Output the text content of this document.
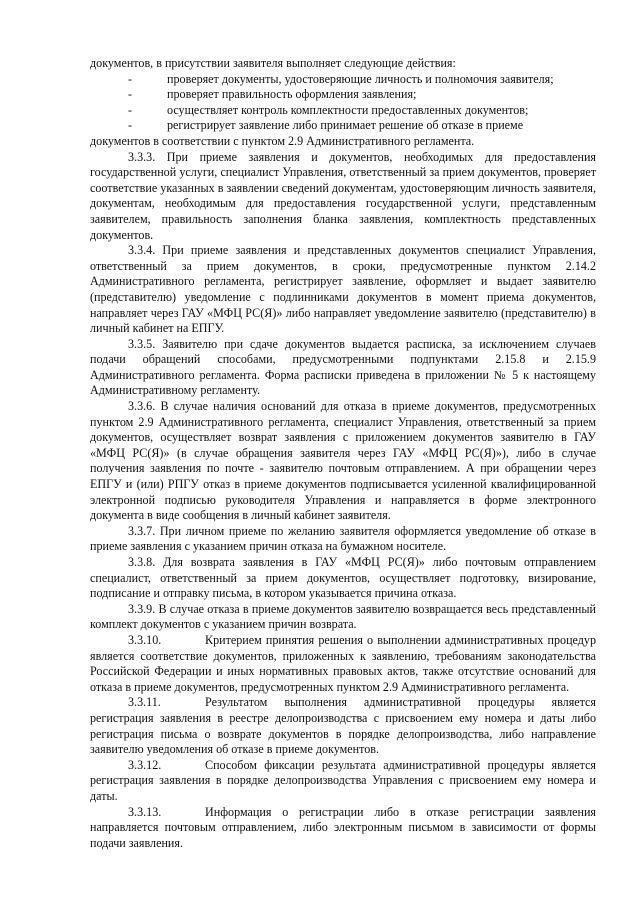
документов, в присутствии заявителя выполняет следующие действия:

-	проверяет документы, удостоверяющие личность и полномочия заявителя;
-	проверяет правильность оформления заявления;
-	осуществляет контроль комплектности предоставленных документов;
-	регистрирует заявление либо принимает решение об отказе в приеме

документов в соответствии с пунктом 2.9 Административного регламента.

3.3.3. При приеме заявления и документов, необходимых для предоставления государственной услуги, специалист Управления, ответственный за прием документов, проверяет соответствие указанных в заявлении сведений документам, удостоверяющим личность заявителя, документам, необходимым для предоставления государственной услуги, представленным заявителем, правильность заполнения бланка заявления, комплектность представленных документов.

3.3.4. При приеме заявления и представленных документов специалист Управления, ответственный за прием документов, в сроки, предусмотренные пунктом 2.14.2 Административного регламента, регистрирует заявление, оформляет и выдает заявителю (представителю) уведомление с подлинниками документов в момент приема документов, направляет через ГАУ «МФЦ РС(Я)» либо направляет уведомление заявителю (представителю) в личный кабинет на ЕПГУ.

3.3.5. Заявителю при сдаче документов выдается расписка, за исключением случаев подачи обращений способами, предусмотренными подпунктами 2.15.8 и 2.15.9 Административного регламента. Форма расписки приведена в приложении № 5 к настоящему Административному регламенту.

3.3.6. В случае наличия оснований для отказа в приеме документов, предусмотренных пунктом 2.9 Административного регламента, специалист Управления, ответственный за прием документов, осуществляет возврат заявления с приложением документов заявителю в ГАУ «МФЦ РС(Я)» (в случае обращения заявителя через ГАУ «МФЦ РС(Я)»), либо в случае получения заявления по почте - заявителю почтовым отправлением. А при обращении через ЕПГУ и (или) РПГУ отказ в приеме документов подписывается усиленной квалифицированной электронной подписью руководителя Управления и направляется в форме электронного документа в виде сообщения в личный кабинет заявителя.

3.3.7. При личном приеме по желанию заявителя оформляется уведомление об отказе в приеме заявления с указанием причин отказа на бумажном носителе.

3.3.8. Для возврата заявления в ГАУ «МФЦ РС(Я)» либо почтовым отправлением специалист, ответственный за прием документов, осуществляет подготовку, визирование, подписание и отправку письма, в котором указывается причина отказа.

3.3.9. В случае отказа в приеме документов заявителю возвращается весь представленный комплект документов с указанием причин возврата.

3.3.10.	Критерием принятия решения о выполнении административных процедур является соответствие документов, приложенных к заявлению, требованиям законодательства Российской Федерации и иных нормативных правовых актов, также отсутствие оснований для отказа в приеме документов, предусмотренных пунктом 2.9 Административного регламента.

3.3.11.	Результатом выполнения административной процедуры является регистрация заявления в реестре делопроизводства с присвоением ему номера и даты либо регистрация письма о возврате документов в порядке делопроизводства, либо направление заявителю уведомления об отказе в приеме документов.

3.3.12.	Способом фиксации результата административной процедуры является регистрация заявления в порядке делопроизводства Управления с присвоением ему номера и даты.

3.3.13.	Информация о регистрации либо в отказе регистрации заявления направляется почтовым отправлением, либо электронным письмом в зависимости от формы подачи заявления.
